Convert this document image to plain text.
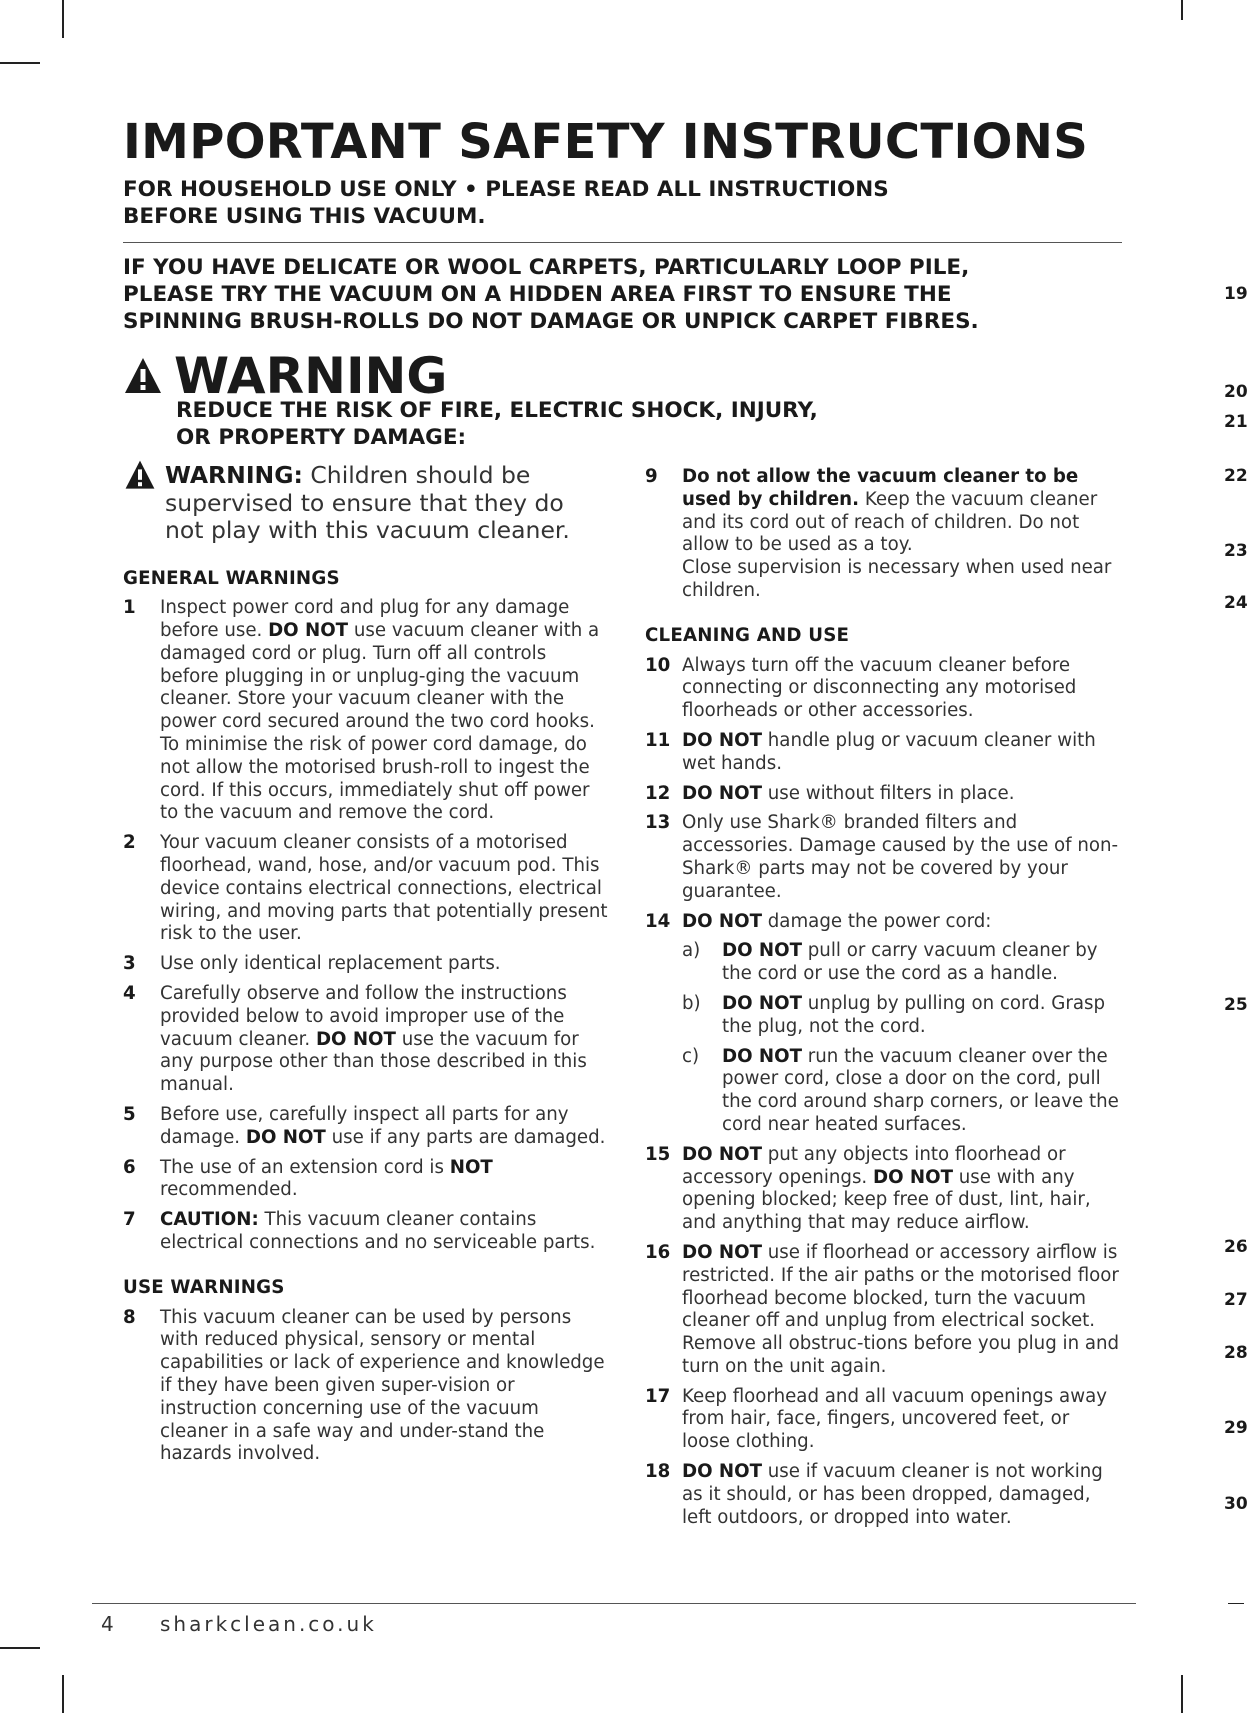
IMPORTANT SAFETY INSTRUCTIONS
FOR HOUSEHOLD USE ONLY • PLEASE READ ALL INSTRUCTIONS
BEFORE USING THIS VACUUM.
IF YOU HAVE DELICATE OR WOOL CARPETS, PARTICULARLY LOOP PILE,
PLEASE TRY THE VACUUM ON A HIDDEN AREA FIRST TO ENSURE THE
SPINNING BRUSH-ROLLS DO NOT DAMAGE OR UNPICK CARPET FIBRES.
WARNING
REDUCE THE RISK OF FIRE, ELECTRIC SHOCK, INJURY,
OR PROPERTY DAMAGE:
WARNING: Children should be supervised to ensure that they do not play with this vacuum cleaner.
GENERAL WARNINGS
1	Inspect power cord and plug for any damage before use. DO NOT use vacuum cleaner with a damaged cord or plug. Turn off all controls before plugging in or unplug-ging the vacuum cleaner. Store your vacuum cleaner with the power cord secured around the two cord hooks. To minimise the risk of power cord damage, do not allow the motorised brush-roll to ingest the cord. If this occurs, immediately shut off power to the vacuum and remove the cord.
2	Your vacuum cleaner consists of a motorised floorhead, wand, hose, and/or vacuum pod. This device contains electrical connections, electrical wiring, and moving parts that potentially present risk to the user.
3	Use only identical replacement parts.
4	Carefully observe and follow the instructions provided below to avoid improper use of the vacuum cleaner. DO NOT use the vacuum for any purpose other than those described in this manual.
5	Before use, carefully inspect all parts for any damage. DO NOT use if any parts are damaged.
6	The use of an extension cord is NOT recommended.
7	CAUTION: This vacuum cleaner contains electrical connections and no serviceable parts.
USE WARNINGS
8	This vacuum cleaner can be used by persons with reduced physical, sensory or mental capabilities or lack of experience and knowledge if they have been given super-vision or instruction concerning use of the vacuum cleaner in a safe way and under-stand the hazards involved.
9	Do not allow the vacuum cleaner to be used by children. Keep the vacuum cleaner and its cord out of reach of children. Do not allow to be used as a toy.
Close supervision is necessary when used near children.
CLEANING AND USE
10 Always turn off the vacuum cleaner before connecting or disconnecting any motorised floorheads or other accessories.
11 DO NOT handle plug or vacuum cleaner with wet hands.
12 DO NOT use without filters in place.
13 Only use Shark® branded filters and accessories. Damage caused by the use of non-Shark® parts may not be covered by your guarantee.
14 DO NOT damage the power cord:
a)	DO NOT pull or carry vacuum cleaner by the cord or use the cord as a handle.
b)	DO NOT unplug by pulling on cord. Grasp the plug, not the cord.
c)	DO NOT run the vacuum cleaner over the power cord, close a door on the cord, pull the cord around sharp corners, or leave the cord near heated surfaces.
15 DO NOT put any objects into floorhead or accessory openings. DO NOT use with any opening blocked; keep free of dust, lint, hair, and anything that may reduce airflow.
16 DO NOT use if floorhead or accessory airflow is restricted. If the air paths or the motorised floor floorhead become blocked, turn the vacuum cleaner off and unplug from electrical socket. Remove all obstruc-tions before you plug in and turn on the unit again.
17 Keep floorhead and all vacuum openings away from hair, face, fingers, uncovered feet, or loose clothing.
18 DO NOT use if vacuum cleaner is not working as it should, or has been dropped, damaged, left outdoors, or dropped into water.
4 sharkclean.co.uk
19
20
21
22
23
24
25
26
27
28
29
30
